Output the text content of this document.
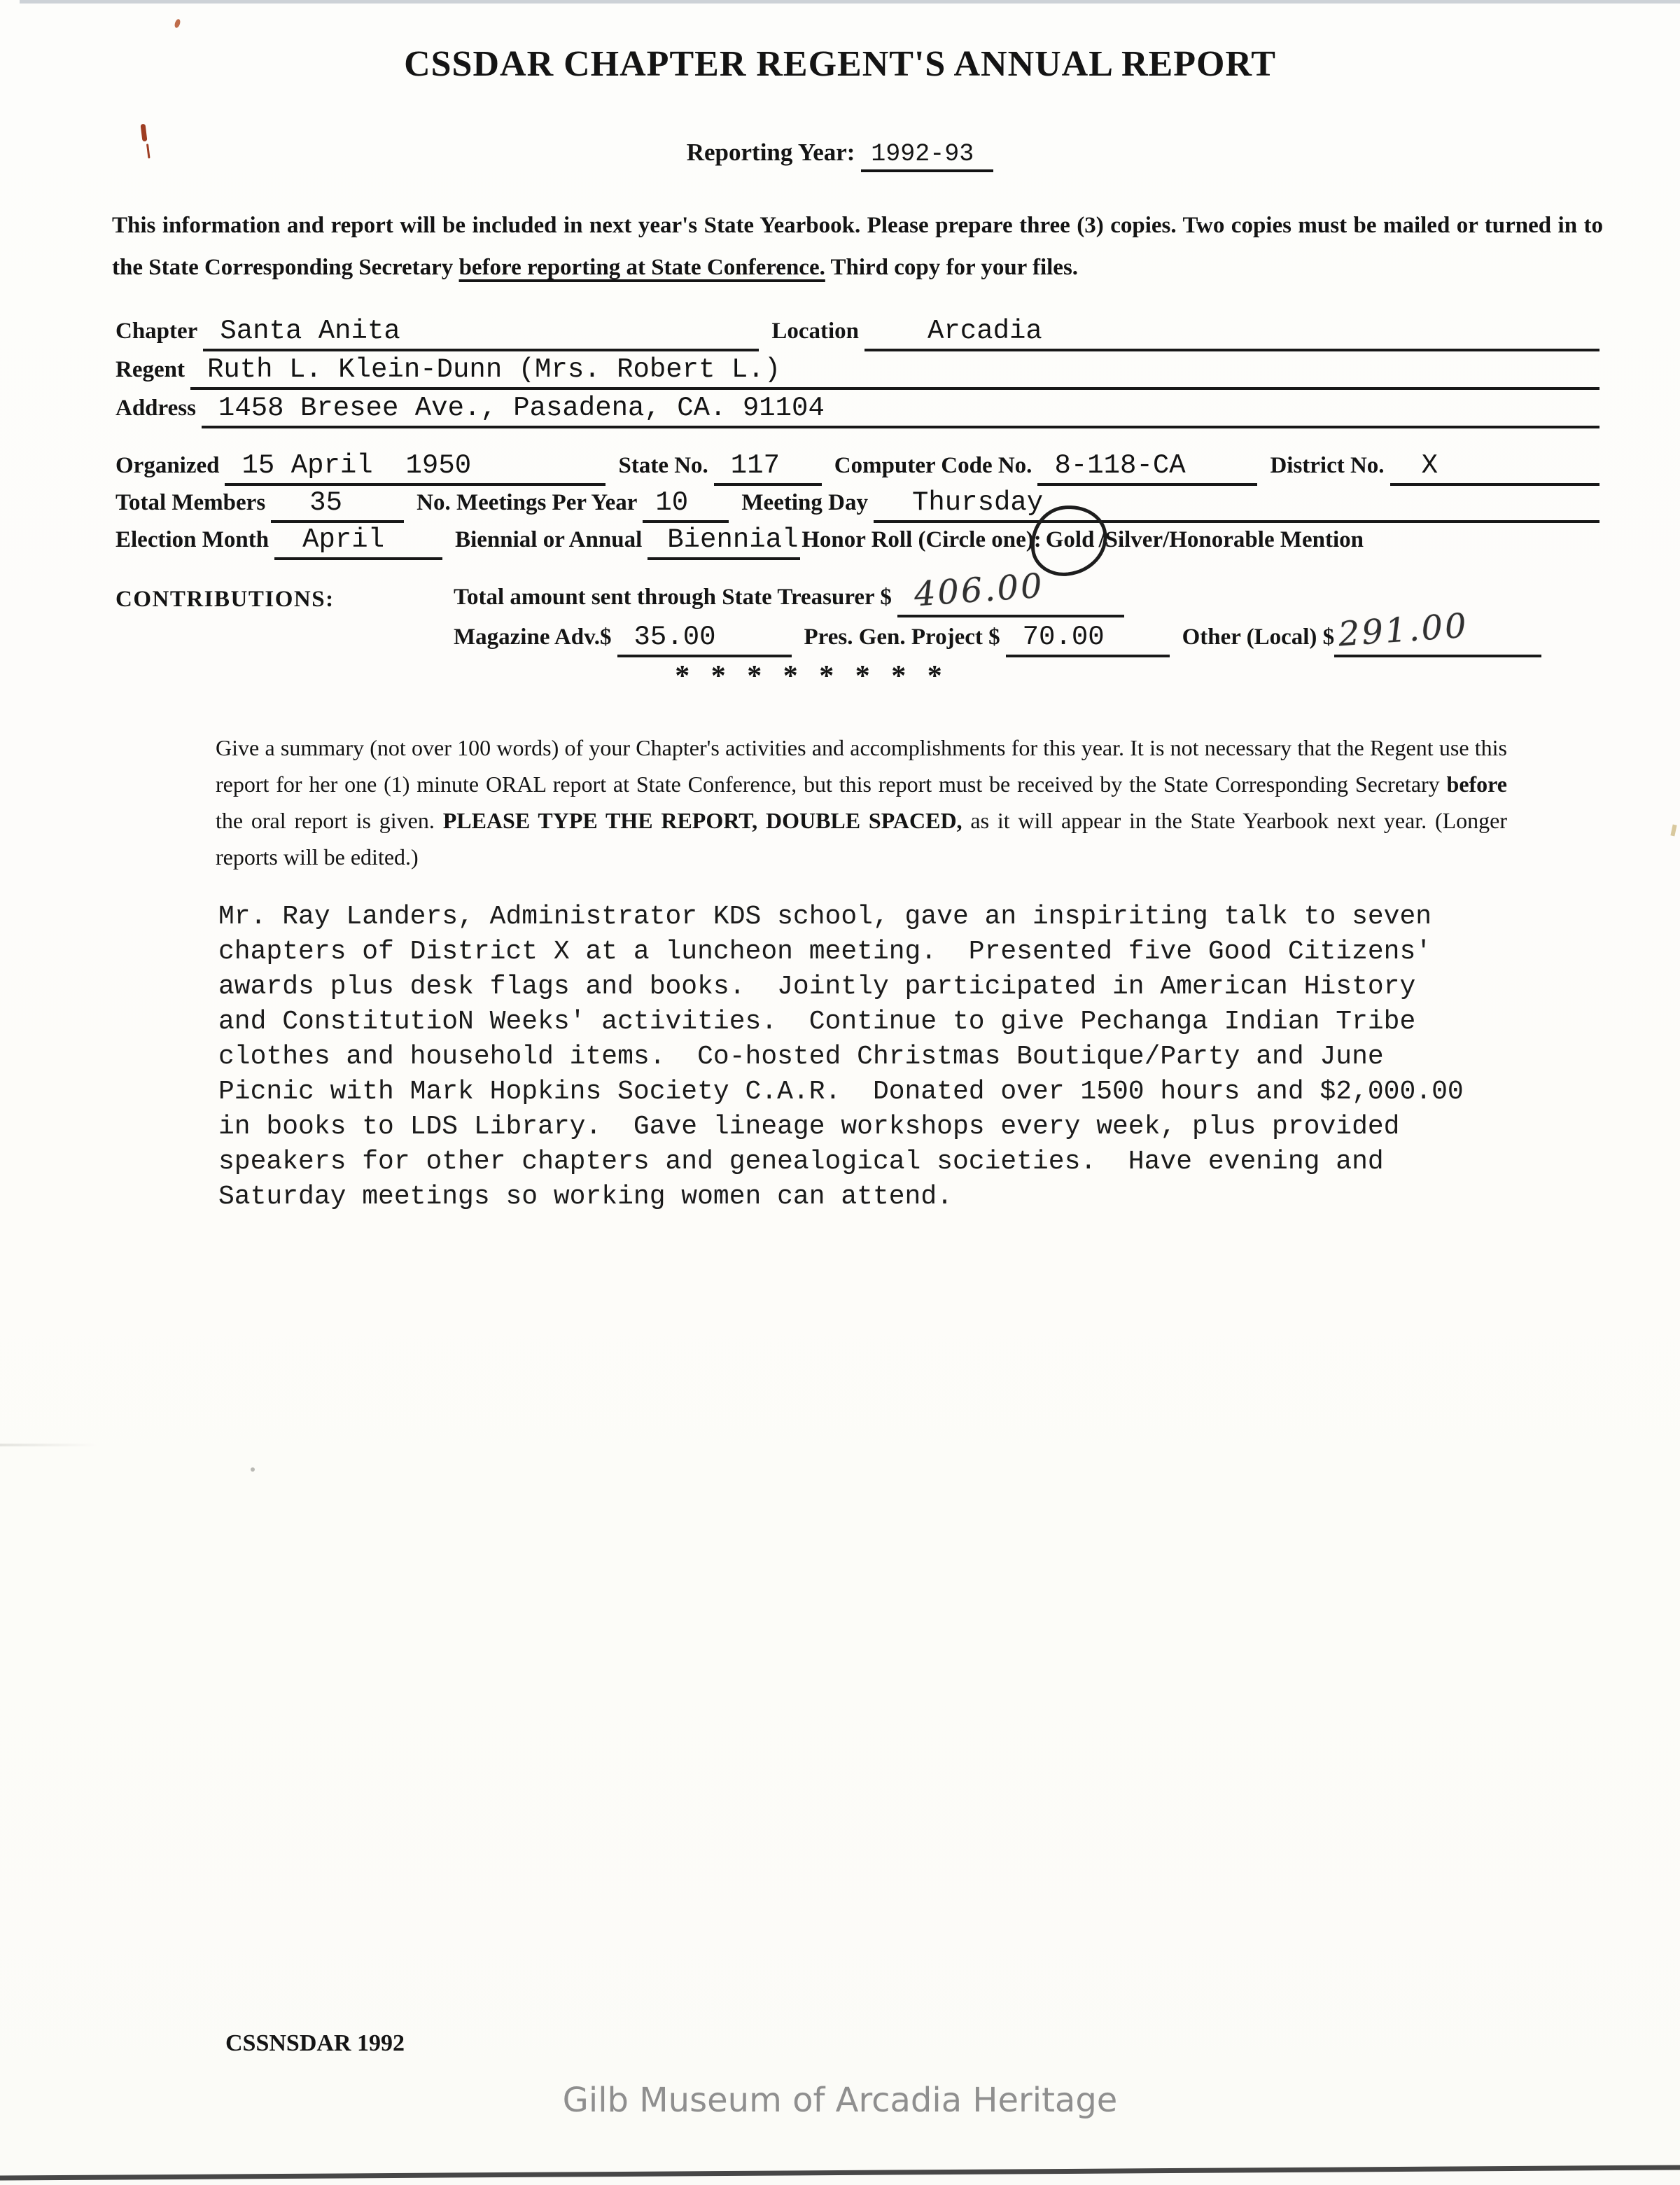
CSSDAR CHAPTER REGENT'S ANNUAL REPORT
Reporting Year: 1992-93
This information and report will be included in next year's State Yearbook. Please prepare three (3) copies. Two copies must be mailed or turned in to the State Corresponding Secretary before reporting at State Conference. Third copy for your files.
Chapter Santa Anita	Location	Arcadia
Regent Ruth L. Klein-Dunn (Mrs. Robert L.)
Address 1458 Bresee Ave., Pasadena, CA. 91104
Organized 15 April  1950	State No. 117	Computer Code No. 8-118-CA	District No.	X
Total Members	35	No. Meetings Per Year 10	Meeting Day	Thursday
Election Month	April	Biennial or Annual Biennial Honor Roll (Circle one): Gold /Silver/Honorable Mention
CONTRIBUTIONS:	Total amount sent through State Treasurer $ 406.00
Magazine Adv.$ 35.00	Pres. Gen. Project $ 70.00	Other (Local) $ 291.00
* * * * * * * *
Give a summary (not over 100 words) of your Chapter's activities and accomplishments for this year. It is not necessary that the Regent use this report for her one (1) minute ORAL report at State Conference, but this report must be received by the State Corresponding Secretary before the oral report is given. PLEASE TYPE THE REPORT, DOUBLE SPACED, as it will appear in the State Yearbook next year. (Longer reports will be edited.)
Mr. Ray Landers, Administrator KDS school, gave an inspiriting talk to seven
chapters of District X at a luncheon meeting.  Presented five Good Citizens'
awards plus desk flags and books.  Jointly participated in American History
and ConstitutioN Weeks' activities.  Continue to give Pechanga Indian Tribe
clothes and household items.  Co-hosted Christmas Boutique/Party and June
Picnic with Mark Hopkins Society C.A.R.  Donated over 1500 hours and $2,000.00
in books to LDS Library.  Gave lineage workshops every week, plus provided
speakers for other chapters and genealogical societies.  Have evening and
Saturday meetings so working women can attend.
CSSNSDAR 1992
Gilb Museum of Arcadia Heritage
